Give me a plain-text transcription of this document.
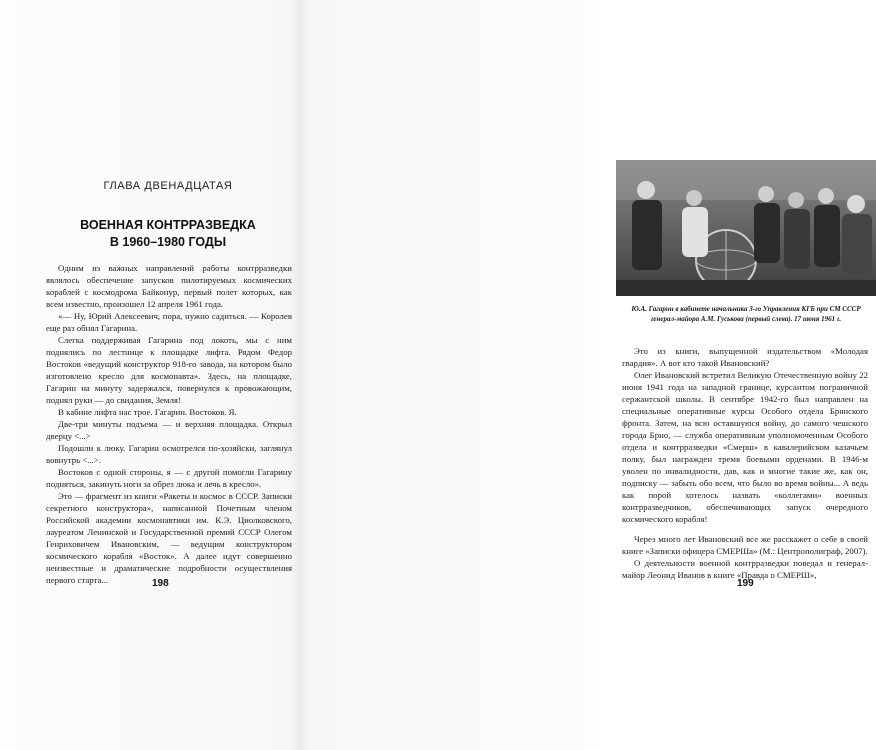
ГЛАВА ДВЕНАДЦАТАЯ
ВОЕННАЯ КОНТРРАЗВЕДКА
В 1960–1980 ГОДЫ

Одним из важных направлений работы контрразведки являлось обеспечение запусков пилотируемых космических кораблей с космодрома Байконур, первый полет которых, как всем известно, произошел 12 апреля 1961 года.

«— Ну, Юрий Алексеевич, пора, нужно садиться. — Королев еще раз обнял Гагарина.

Слегка поддерживая Гагарина под локоть, мы с ним поднялись по лестнице к площадке лифта. Рядом Федор Востоков «ведущий конструктор 918-го завода, на котором было изготовлено кресло для космонавта». Здесь, на площадке, Гагарин на минуту задержался, повернулся к провожающим, поднял руки — до свидания, Земля!

В кабине лифта нас трое. Гагарин. Востоков. Я.

Две-три минуты подъема — и верхняя площадка. Открыл дверцу <...>

Подошли к люку. Гагарин осмотрелся по-хозяйски, заглянул вовнутрь <...>.

Востоков с одной стороны, я — с другой помогли Гагарину подняться, закинуть ноги за обрез люка и лечь в кресло».

Это — фрагмент из книги «Ракеты и космос в СССР. Записки секретного конструктора», написанной Почетным членом Российской академии космонавтики им. К.Э. Циолковского, лауреатом Ленинской и Государственной премий СССР Олегом Генриховичем Ивановским, — ведущим конструктором космического корабля «Восток». А далее идут совершенно неизвестные и драматические подробности осуществления первого старта...	198
Ю.А. Гагарин в кабинете начальника 3-го Управления КГБ при СМ СССР генерал-майора А.М. Гуськова (первый слева). 17 июня 1961 г.

Это из книги, выпущенной издательством «Молодая гвардия». А вот кто такой Ивановский?

Олег Ивановский встретил Великую Отечественную войну 22 июня 1941 года на западной границе, курсантом пограничной сержантской школы. В сентябре 1942-го был направлен на специальные оперативные курсы Особого отдела Брянского фронта. Затем, на всю оставшуюся войну, до самого чешского города Брно, — служба оперативным уполномоченным Особого отдела и контрразведки «Смерш» в кавалерийском казачьем полку, был награжден тремя боевыми орденами. В 1946-м уволен по инвалидности, дав, как и многие такие же, как он, подписку — забыть обо всем, что было во время войны... А ведь как порой хотелось назвать «коллегами» военных контрразведчиков, обеспечивающих запуск очередного космического корабля!

Через много лет Ивановский все же расскажет о себе в своей книге «Записки офицера СМЕРШа» (М.: Центрополиграф, 2007).

О деятельности военной контрразведки поведал и генерал-майор Леонид Иванов в книге «Правда о СМЕРШ»,

199
